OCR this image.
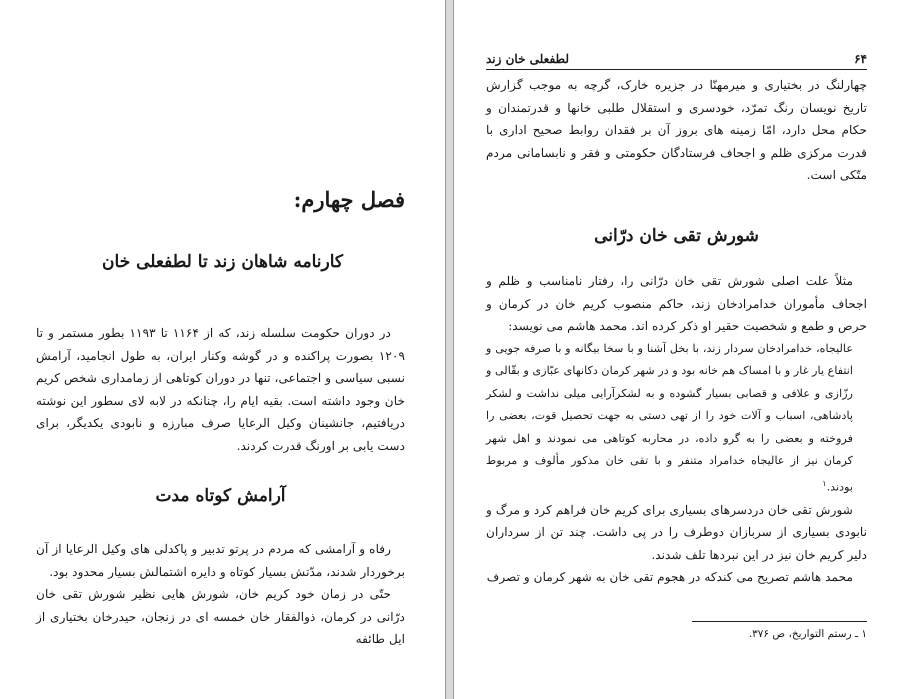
فصل چهارم:
کارنامه شاهان زند تا لطفعلی خان

در دوران حکومت سلسله زند، که از ۱۱۶۴ تا ۱۱۹۳ بطور مستمر و تا ۱۲۰۹ بصورت پراکنده و در گوشه وکنار ایران، به طول انجامید، آرامش نسبی سیاسی و اجتماعی، تنها در دوران کوتاهی از زمامداری شخص کریم خان وجود داشته است. بقیه ایام را، چنانکه در لابه لای سطور این نوشته دریافتیم، جانشینان وکیل الرعایا صرف مبارزه و نابودی یکدیگر، برای دست یابی بر اورنگ قدرت کردند.

آرامش کوتاه مدت

رفاه و آرامشی که مردم در پرتو تدبیر و پاکدلی های وکیل الرعایا از آن برخوردار شدند، مدّتش بسیار کوتاه و دایره اشتمالش بسیار محدود بود.

حتّی در زمان خود کریم خان، شورش هایی نظیر شورش تقی خان درّانی در کرمان، ذوالفقار خان خمسه ای در زنجان، حیدرخان بختیاری از ایل طائفه

۶۴
لطفعلی خان زند

چهارلنگ در بختیاری و میرمهنّا در جزیره خارک، گرچه به موجب گزارش تاریخ نویسان رنگ تمرّد، خودسری و استقلال طلبی خانها و قدرتمندان و حکام محل دارد، امّا زمینه های بروز آن بر فقدان روابط صحیح اداری با قدرت مرکزی ظلم و اجحاف فرستادگان حکومتی و فقر و نابسامانی مردم متّکی است.

شورش تقی خان درّانی

مثلاً علت اصلی شورش تقی خان درّانی را، رفتار نامناسب و ظلم و اجحاف مأموران خدامرادخان زند، حاکم منصوب کریم خان در کرمان و حرص و طمع و شخصیت حقیر او ذکر کرده اند. محمد هاشم می نویسد:

عالیجاه، خدامرادخان سردار زند، با بخل آشنا و با سخا بیگانه و با صرفه جویی و انتفاع یار غار و با امساک هم خانه بود و در شهر کرمان دکانهای عبّازی و بقّالی و رزّازی و علافی و قصابی بسیار گشوده و به لشکرآرایی میلی نداشت و لشکر پادشاهی، اسباب و آلات خود را از تهی دستی به جهت تحصیل قوت، بعضی را فروخته و بعضی را به گرو داده، در محاربه کوتاهی می نمودند و اهل شهر کرمان نیز از عالیجاه خدامراد متنفر و با تقی خان مذکور مألوف و مربوط بودند.$^۱$

شورش تقی خان دردسرهای بسیاری برای کریم خان فراهم کرد و مرگ و نابودی بسیاری از سربازان دوطرف را در پی داشت. چند تن از سرداران دلیر کریم خان نیز در این نبردها تلف شدند.

محمد هاشم تصریح می کندکه در هجوم تقی خان به شهر کرمان و تصرف

۱ ـ رستم التواریخ، ص ۳۷۶.
